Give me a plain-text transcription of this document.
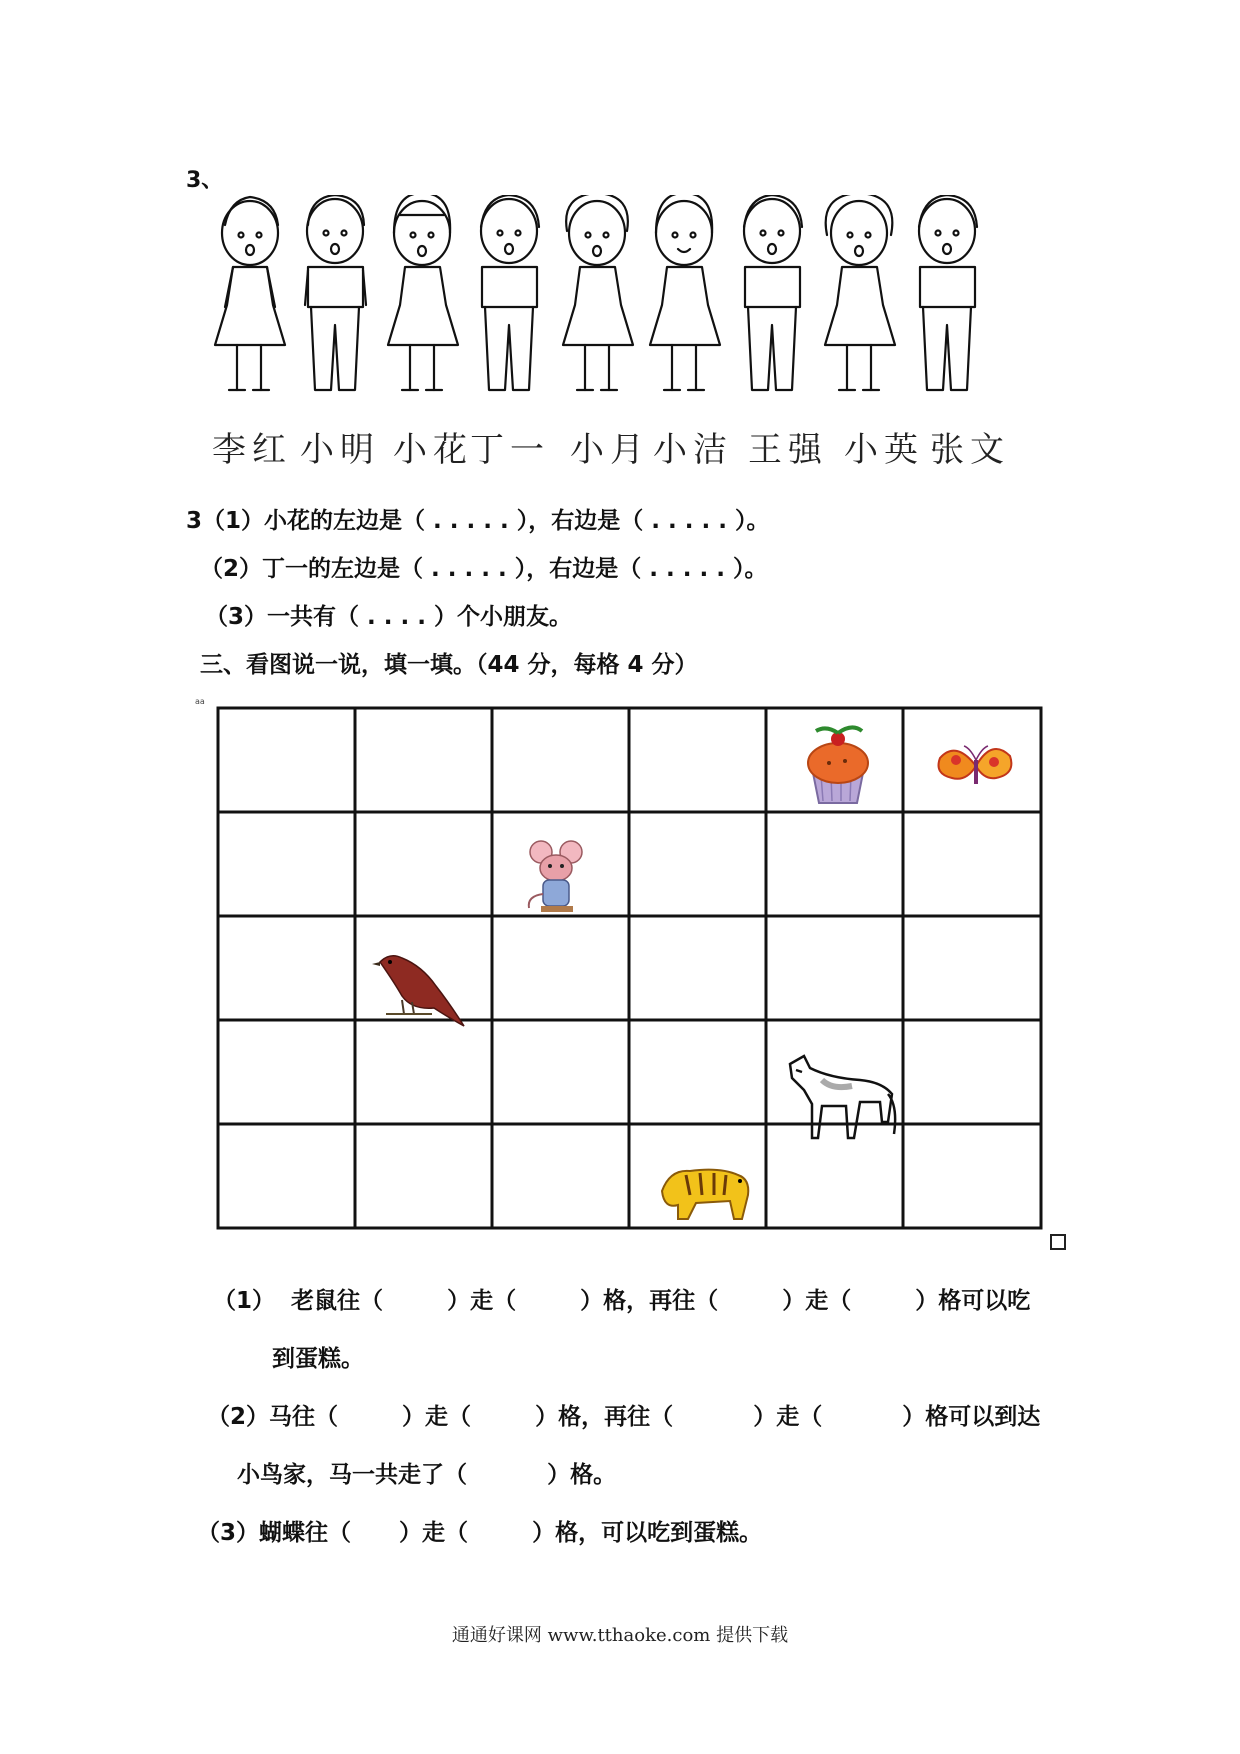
3、
李红 小明 小花
丁一 小月 小洁 王强 小英 张文
3（1）小花的左边是（ . . . . . ），右边是（ . . . . . ）。
（2）丁一的左边是（ . . . . . ），右边是（ . . . . . ）。
（3）一共有（ . . . . ）个小朋友。
三、看图说一说，填一填。（44 分，每格 4 分）
aa
（1）  老鼠往（        ）走（        ）格，再往（        ）走（        ）格可以吃
到蛋糕。
（2）马往（        ）走（        ）格，再往（          ）走（          ）格可以到达
小鸟家，马一共走了（          ）格。
（3）蝴蝶往（      ）走（        ）格，可以吃到蛋糕。
通通好课网 www.tthaoke.com 提供下载
